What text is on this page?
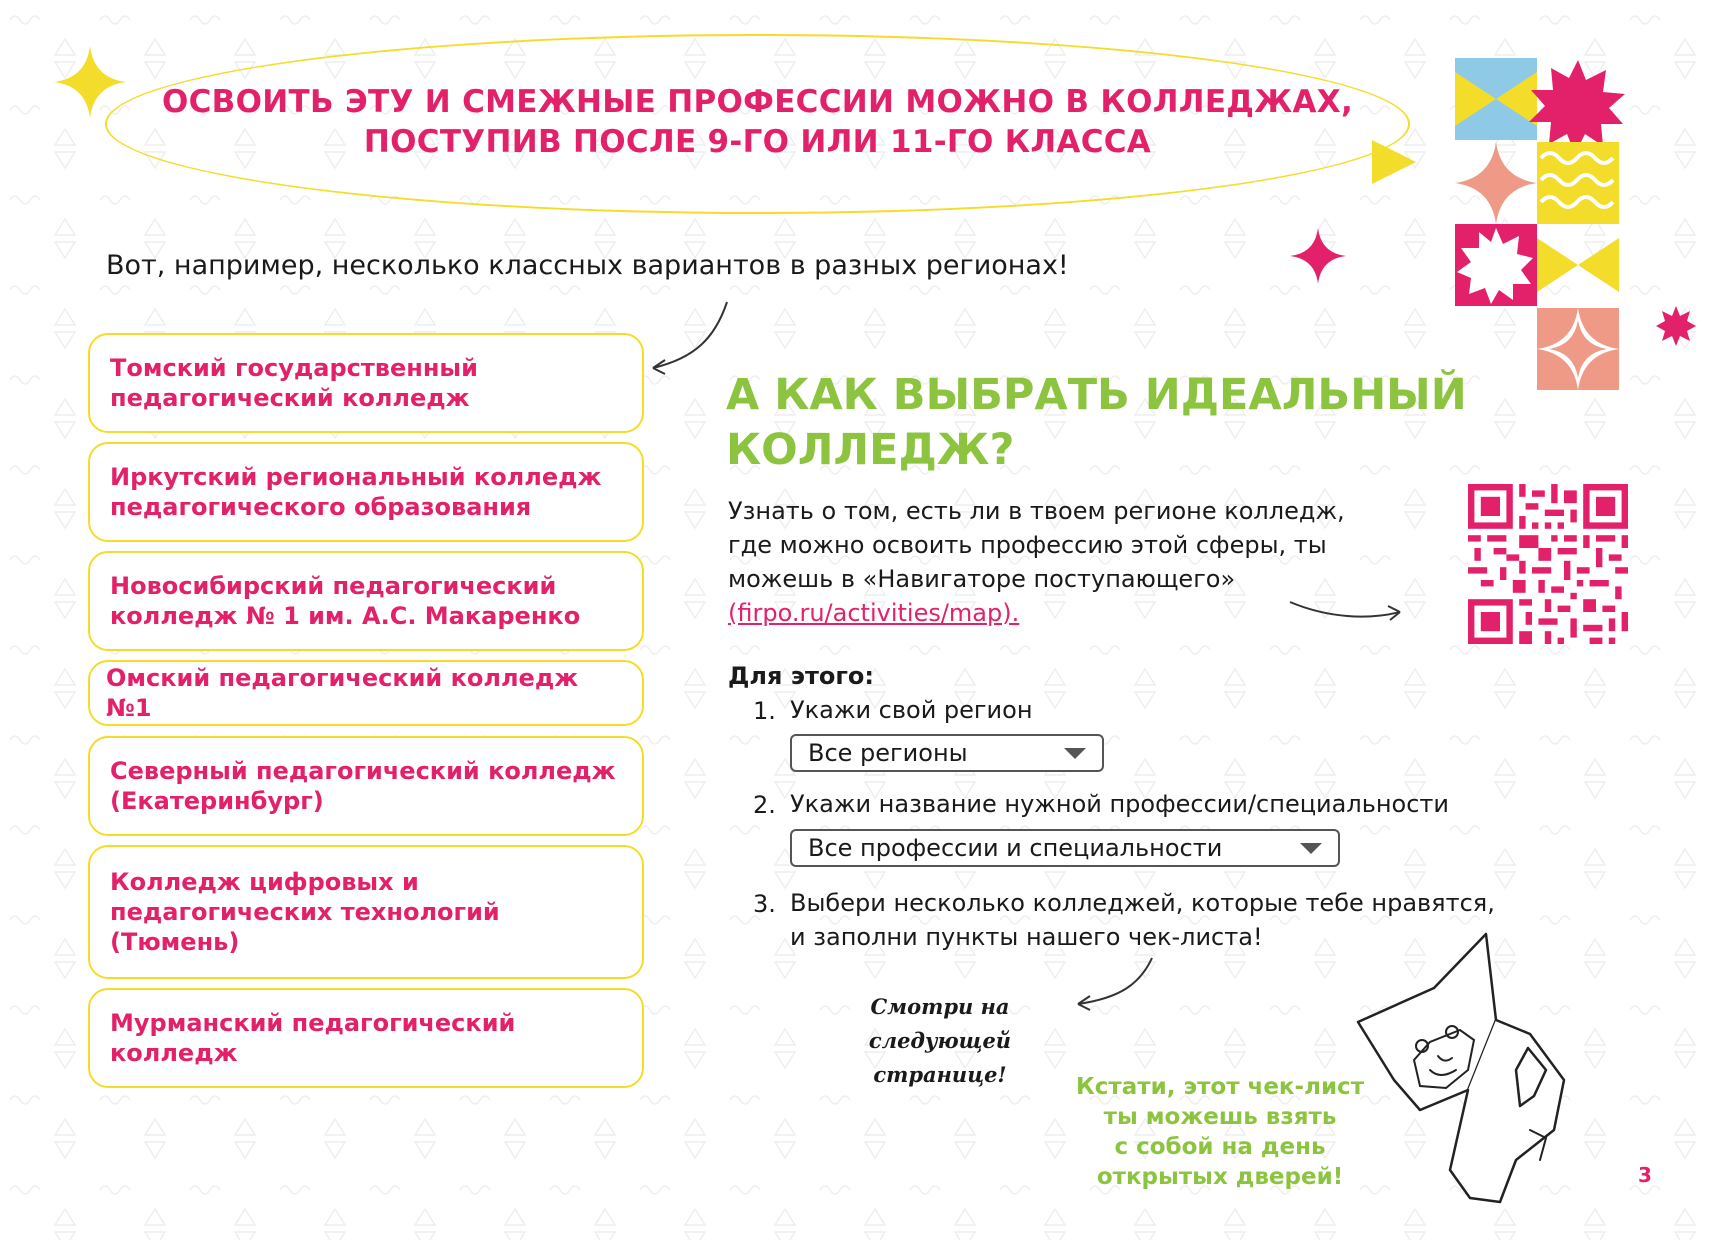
ОСВОИТЬ ЭТУ И СМЕЖНЫЕ ПРОФЕССИИ МОЖНО В КОЛЛЕДЖАХ,
ПОСТУПИВ ПОСЛЕ 9-ГО ИЛИ 11-ГО КЛАССА
Вот, например, несколько классных вариантов в разных регионах!
Томский государственный
педагогический колледж
Иркутский региональный колледж
педагогического образования
Новосибирский педагогический
колледж № 1 им. А.С. Макаренко
Омский педагогический колледж №1
Северный педагогический колледж
(Екатеринбург)
Колледж цифровых и
педагогических технологий
(Тюмень)
Мурманский педагогический
колледж
А КАК ВЫБРАТЬ ИДЕАЛЬНЫЙ
КОЛЛЕДЖ?
Узнать о том, есть ли в твоем регионе колледж,
где можно освоить профессию этой сферы, ты
можешь в «Навигаторе поступающего»
(firpo.ru/activities/map).
Для этого:
1. Укажи свой регион
Все регионы
2. Укажи название нужной профессии/специальности
Все профессии и специальности
3. Выбери несколько колледжей, которые тебе нравятся,
и заполни пункты нашего чек-листа!
Смотри на следующей
странице!	Кстати, этот чек-лист
ты можешь взять
с собой на день
открытых дверей!	3
